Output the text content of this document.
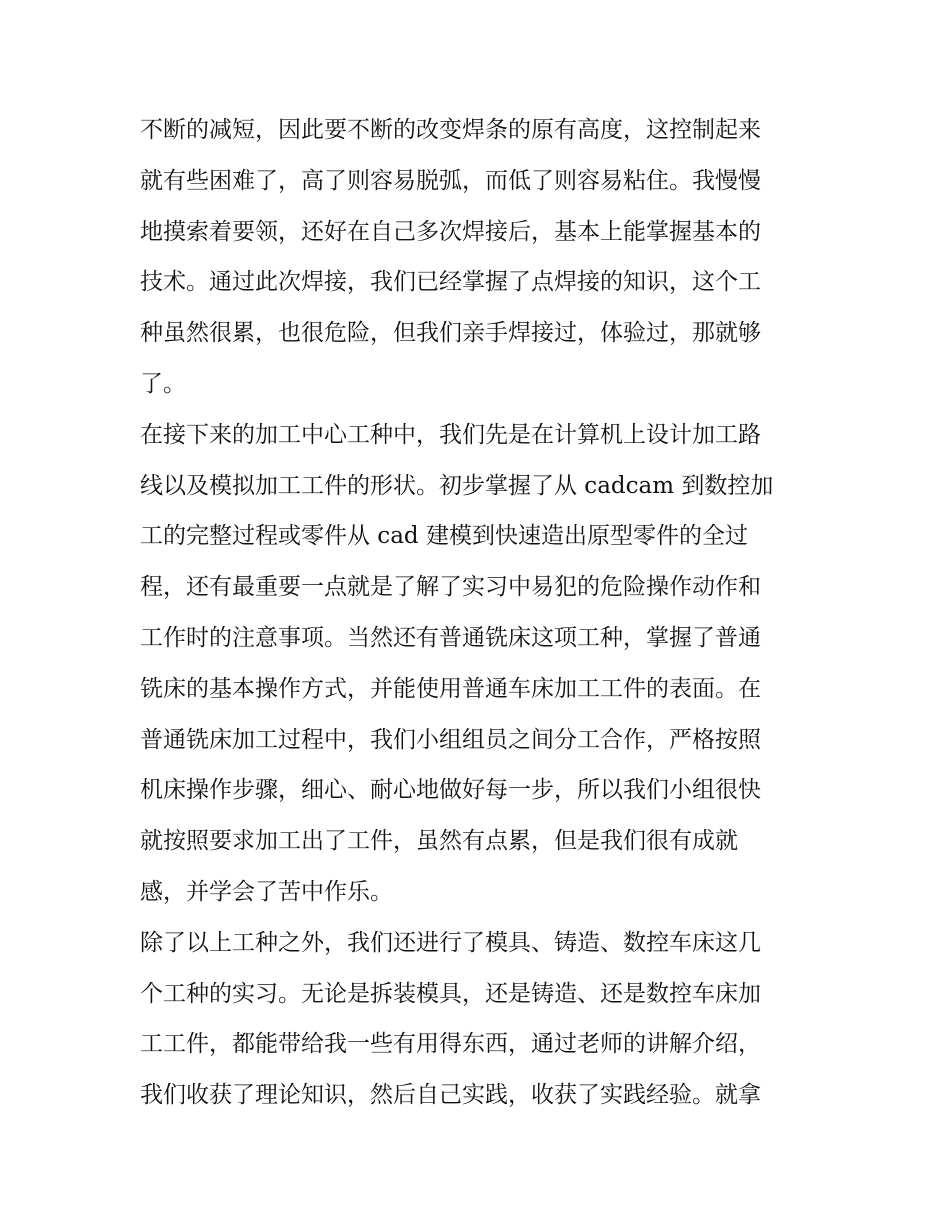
不断的减短，因此要不断的改变焊条的原有高度，这控制起来
就有些困难了，高了则容易脱弧，而低了则容易粘住。我慢慢
地摸索着要领，还好在自己多次焊接后，基本上能掌握基本的
技术。通过此次焊接，我们已经掌握了点焊接的知识，这个工
种虽然很累，也很危险，但我们亲手焊接过，体验过，那就够
了。
在接下来的加工中心工种中，我们先是在计算机上设计加工路
线以及模拟加工工件的形状。初步掌握了从 cadcam 到数控加
工的完整过程或零件从 cad 建模到快速造出原型零件的全过
程，还有最重要一点就是了解了实习中易犯的危险操作动作和
工作时的注意事项。当然还有普通铣床这项工种，掌握了普通
铣床的基本操作方式，并能使用普通车床加工工件的表面。在
普通铣床加工过程中，我们小组组员之间分工合作，严格按照
机床操作步骤，细心、耐心地做好每一步，所以我们小组很快
就按照要求加工出了工件，虽然有点累，但是我们很有成就
感，并学会了苦中作乐。
除了以上工种之外，我们还进行了模具、铸造、数控车床这几
个工种的实习。无论是拆装模具，还是铸造、还是数控车床加
工工件，都能带给我一些有用得东西，通过老师的讲解介绍，
我们收获了理论知识，然后自己实践，收获了实践经验。就拿
